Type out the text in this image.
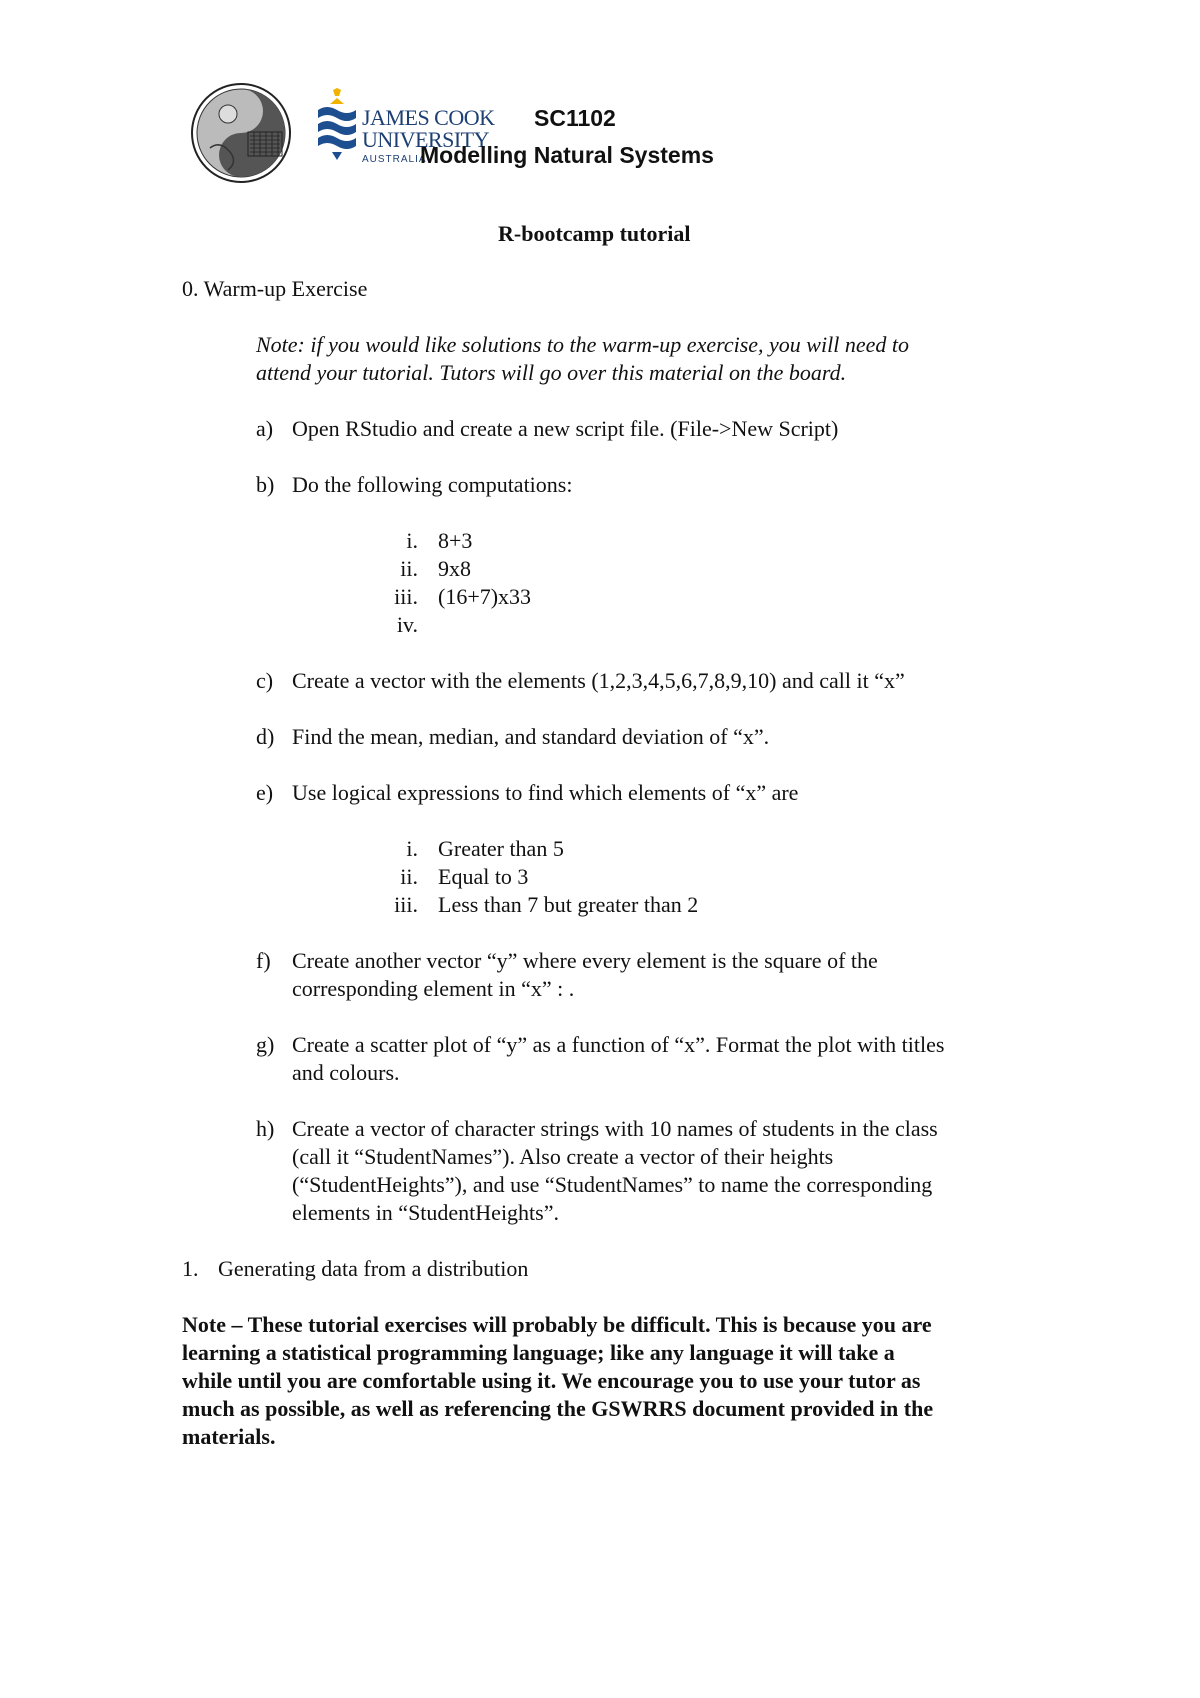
JAMES COOK
UNIVERSITY
AUSTRALIA
SC1102
Modelling Natural Systems
R-bootcamp tutorial
0. Warm-up Exercise
Note: if you would like solutions to the warm-up exercise, you will need to
attend your tutorial. Tutors will go over this material on the board.
a) Open RStudio and create a new script file. (File->New Script)
b) Do the following computations:
i. 8+3
ii. 9x8
iii. (16+7)x33
iv.
c) Create a vector with the elements (1,2,3,4,5,6,7,8,9,10) and call it “x”
d) Find the mean, median, and standard deviation of “x”.
e) Use logical expressions to find which elements of “x” are
i. Greater than 5
ii. Equal to 3
iii. Less than 7 but greater than 2
f) Create another vector “y” where every element is the square of the
corresponding element in “x” : .
g) Create a scatter plot of “y” as a function of “x”. Format the plot with titles
and colours.
h) Create a vector of character strings with 10 names of students in the class
(call it “StudentNames”). Also create a vector of their heights
(“StudentHeights”), and use “StudentNames” to name the corresponding
elements in “StudentHeights”.
1. Generating data from a distribution
Note – These tutorial exercises will probably be difficult. This is because you are
learning a statistical programming language; like any language it will take a
while until you are comfortable using it. We encourage you to use your tutor as
much as possible, as well as referencing the GSWRRS document provided in the
materials.
